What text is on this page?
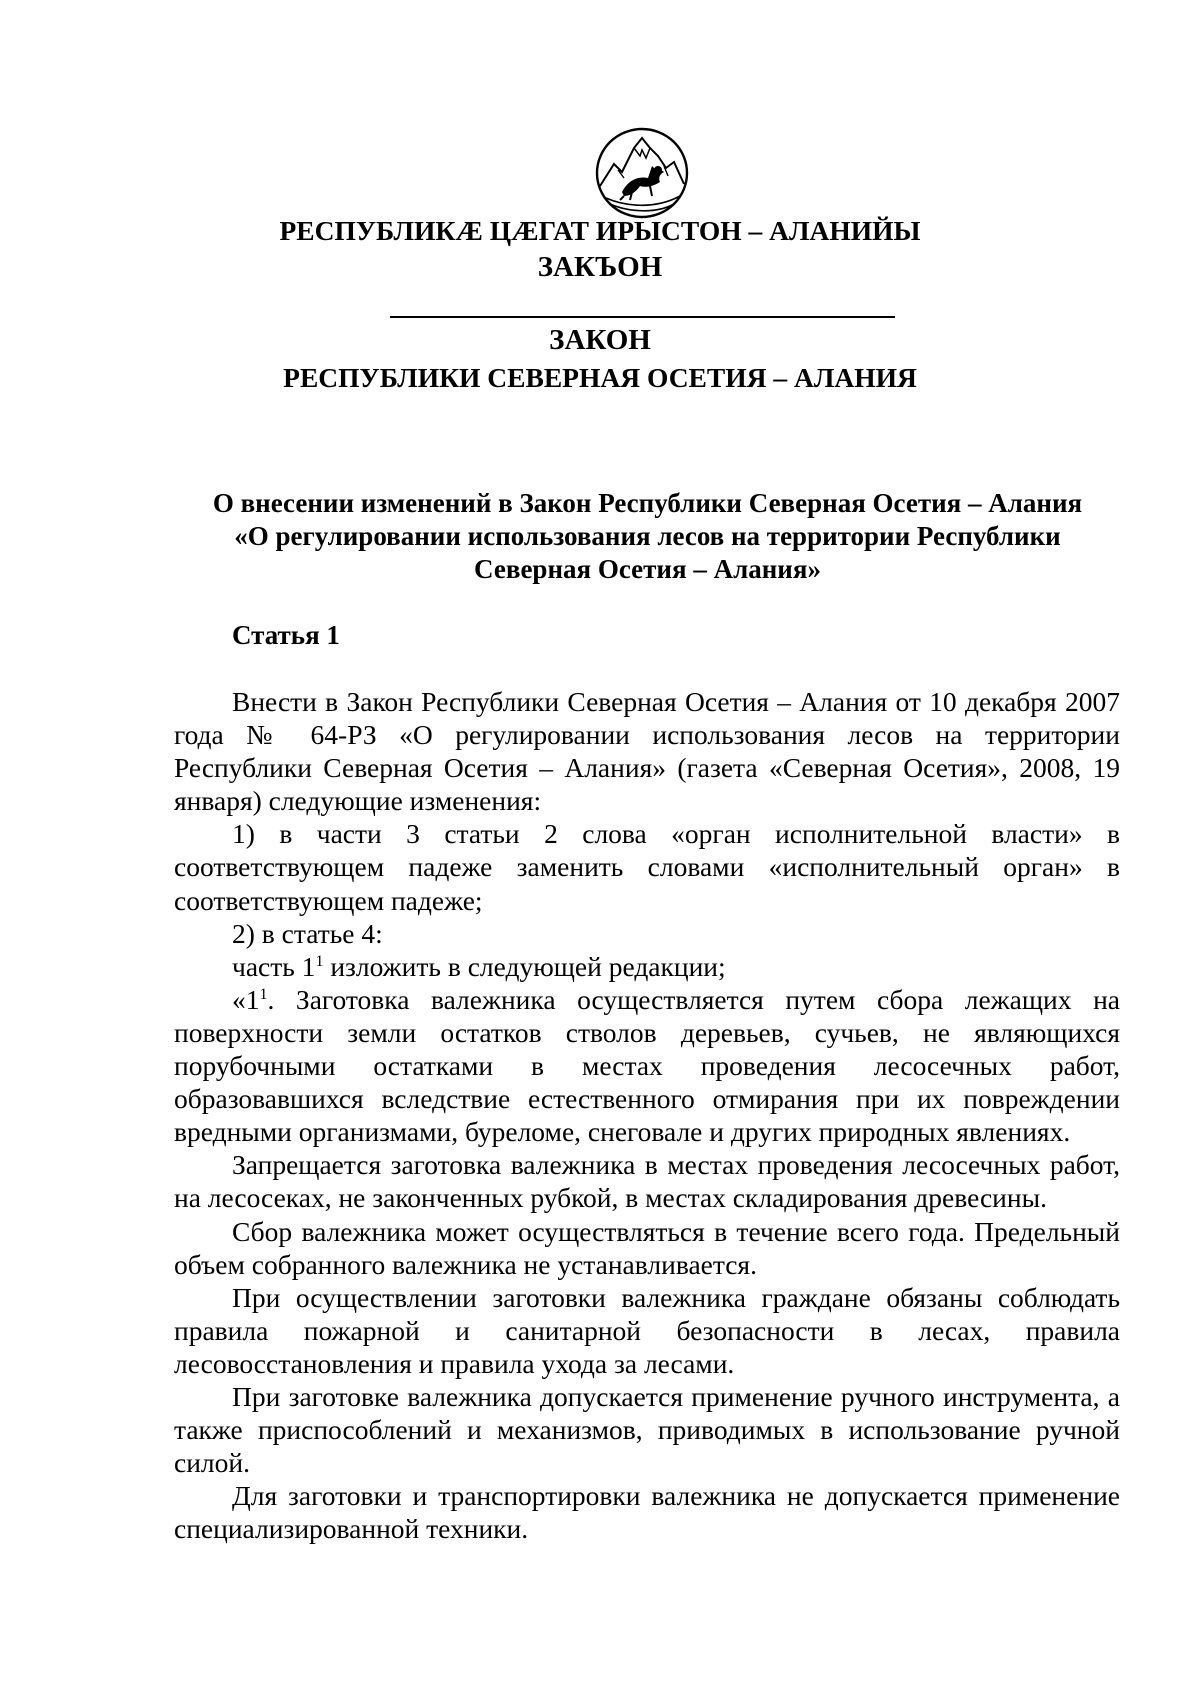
РЕСПУБЛИКÆ ЦÆГАТ ИРЫСТОН – АЛАНИЙЫ
ЗАКЪОН
ЗАКОН
РЕСПУБЛИКИ СЕВЕРНАЯ ОСЕТИЯ – АЛАНИЯ
О внесении изменений в Закон Республики Северная Осетия – Алания
«О регулировании использования лесов на территории Республики
Северная Осетия – Алания»
Статья 1

Внести в Закон Республики Северная Осетия – Алания от 10 декабря 2007 года № 64-РЗ «О регулировании использования лесов на территории Республики Северная Осетия – Алания» (газета «Северная Осетия», 2008, 19 января) следующие изменения:

1) в части 3 статьи 2 слова «орган исполнительной власти» в соответствующем падеже заменить словами «исполнительный орган» в соответствующем падеже;

2) в статье 4:

часть $1^1$ изложить в следующей редакции;

«$1^1$. Заготовка валежника осуществляется путем сбора лежащих на поверхности земли остатков стволов деревьев, сучьев, не являющихся порубочными остатками в местах проведения лесосечных работ, образовавшихся вследствие естественного отмирания при их повреждении вредными организмами, буреломе, снеговале и других природных явлениях.

Запрещается заготовка валежника в местах проведения лесосечных работ, на лесосеках, не законченных рубкой, в местах складирования древесины.

Сбор валежника может осуществляться в течение всего года. Предельный объем собранного валежника не устанавливается.

При осуществлении заготовки валежника граждане обязаны соблюдать правила пожарной и санитарной безопасности в лесах, правила лесовосстановления и правила ухода за лесами.

При заготовке валежника допускается применение ручного инструмента, а также приспособлений и механизмов, приводимых в использование ручной силой.

Для заготовки и транспортировки валежника не допускается применение специализированной техники.
